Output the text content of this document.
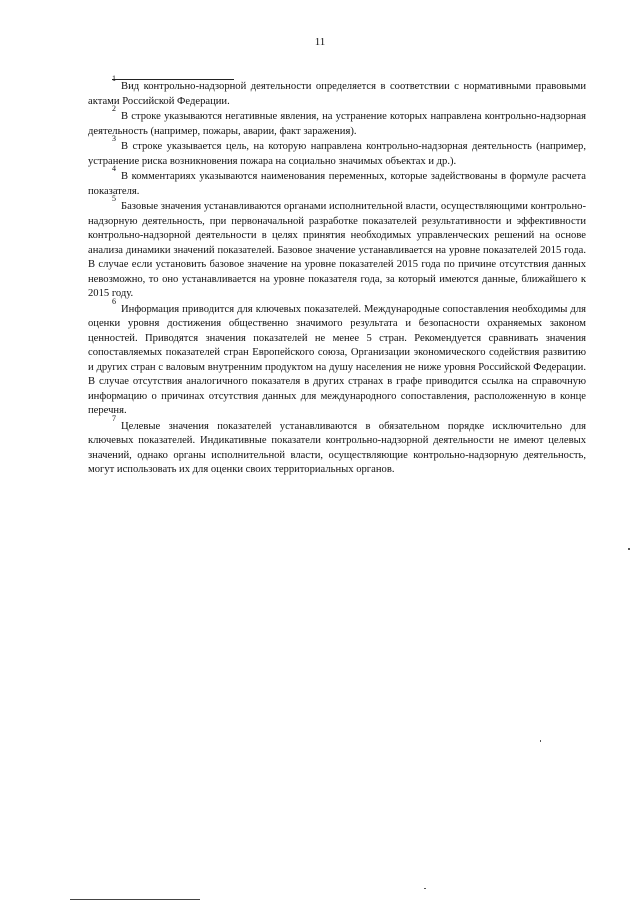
11

$^1$Вид контрольно-надзорной деятельности определяется в соответствии с нормативными правовыми актами Российской Федерации.

$^2$В строке указываются негативные явления, на устранение которых направлена контрольно-надзорная деятельность (например, пожары, аварии, факт заражения).

$^3$В строке указывается цель, на которую направлена контрольно-надзорная деятельность (например, устранение риска возникновения пожара на социально значимых объектах и др.).

$^4$В комментариях указываются наименования переменных, которые задействованы в формуле расчета показателя.

$^5$Базовые значения устанавливаются органами исполнительной власти, осуществляющими контрольно-надзорную деятельность, при первоначальной разработке показателей результативности и эффективности контрольно-надзорной деятельности в целях принятия необходимых управленческих решений на основе анализа динамики значений показателей. Базовое значение устанавливается на уровне показателей 2015 года. В случае если установить базовое значение на уровне показателей 2015 года по причине отсутствия данных невозможно, то оно устанавливается на уровне показателя года, за который имеются данные, ближайшего к 2015 году.

$^6$Информация приводится для ключевых показателей. Международные сопоставления необходимы для оценки уровня достижения общественно значимого результата и безопасности охраняемых законом ценностей. Приводятся значения показателей не менее 5 стран. Рекомендуется сравнивать значения сопоставляемых показателей стран Европейского союза, Организации экономического содействия развитию и других стран с валовым внутренним продуктом на душу населения не ниже уровня Российской Федерации. В случае отсутствия аналогичного показателя в других странах в графе приводится ссылка на справочную информацию о причинах отсутствия данных для международного сопоставления, расположенную в конце перечня.

$^7$Целевые значения показателей устанавливаются в обязательном порядке исключительно для ключевых показателей. Индикативные показатели контрольно-надзорной деятельности не имеют целевых значений, однако органы исполнительной власти, осуществляющие контрольно-надзорную деятельность, могут использовать их для оценки своих территориальных органов.
